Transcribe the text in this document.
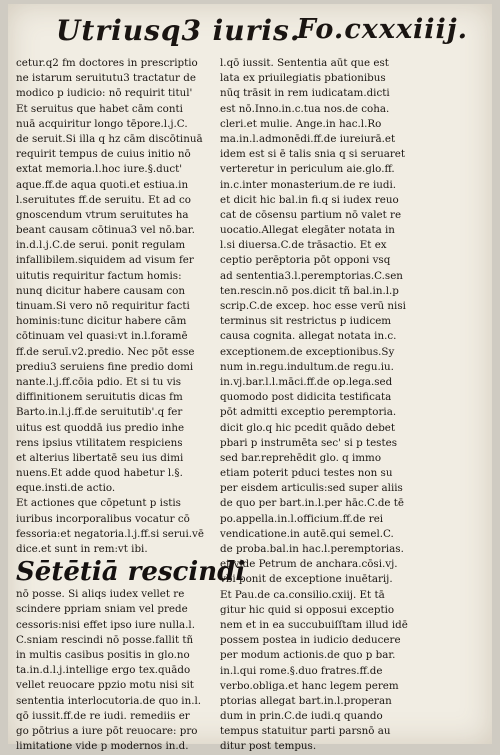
Utriusq3 iuris.
Fo.cxxxiiij.
cetur.q2 fm doctores in prescriptio
ne istarum seruitutu3 tractatur de
modico p iudicio: nō requirit titul'
Et seruitus que habet cām conti
nuā acquiritur longo tēpore.l.j.C.
de seruit.Si illa q hz cām discōtinuā
requirit tempus de cuius initio nō
extat memoria.l.hoc iure.§.duct'
aque.ff.de aqua quoti.et estiua.in
l.seruitutes ff.de seruitu. Et ad co
gnoscendum vtrum seruitutes ha
beant causam cōtinua3 vel nō.bar.
in.d.l.j.C.de serui. ponit regulam
infallibilem.siquidem ad visum fer
uitutis requiritur factum homis:
nunq dicitur habere causam con
tinuam.Si vero nō requiritur facti
hominis:tunc dicitur habere cām
cōtinuam vel quasi:vt in.l.foramē
ff.de seruī.v2.predio. Nec pōt esse
prediu3 seruiens fine predio domi
nante.l.j.ff.cōia pdio. Et si tu vis
diffinitionem seruitutis dicas fm
Barto.in.l.j.ff.de seruitutib'.q fer
uitus est quoddā ius predio inhe
rens ipsius vtilitatem respiciens
et alterius libertatē seu ius dimi
nuens.Et adde quod habetur l.§.
eque.insti.de actio.
Et actiones que cōpetunt p istis
iuribus incorporalibus vocatur cō
fessoria:et negatoria.l.j.ff.si serui.vē
dice.et sunt in rem:vt ibi.
Sētētiā rescindi
nō posse. Si aliqs iudex vellet re
scindere ppriam sniam vel prede
cessoris:nisi effet ipso iure nulla.l.
C.sniam rescindi nō posse.fallit tñ
in multis casibus positis in glo.no
ta.in.d.l.j.intellige ergo tex.quādo
vellet reuocare ppzio motu nisi sit
sententia interlocutoria.de quo in.l.
qō iussit.ff.de re iudi. remediis er
go pōtrius a iure pōt reuocare: pro
limitatione vide p modernos in.d.
l.qō iussit. Sententia aūt que est
lata ex priuilegiatis pbationibus
nūq trāsit in rem iudicatam.dicti
est nō.Inno.in.c.tua nos.de coha.
cleri.et mulie. Ange.in hac.l.Ro
ma.in.l.admonēdi.ff.de iureiurā.et
idem est si ē talis snia q si seruaret
verteretur in periculum aie.glo.ff.
in.c.inter monasterium.de re iudi.
et dicit hic bal.in fi.q si iudex reuo
cat de cōsensu partium nō valet re
uocatio.Allegat elegāter notata in
l.si diuersa.C.de trāsactio. Et ex
ceptio perēptoria pōt opponi vsq
ad sententia3.l.peremptorias.C.sen
ten.rescin.nō pos.dicit tñ bal.in.l.p
scrip.C.de excep. hoc esse verū nisi
terminus sit restrictus p iudicem
causa cognita. allegat notata in.c.
exceptionem.de exceptionibus.Sy
num in.regu.indultum.de regu.iu.
in.vj.bar.l.l.māci.ff.de op.lega.sed
quomodo post didicita testificata
pōt admitti exceptio peremptoria.
dicit glo.q hic pcedit quādo debet
pbari p instrumēta sec' si p testes
sed bar.reprehēdit glo. q immo
etiam poterit pduci testes non su
per eisdem articulis:sed super aliis
de quo per bart.in.l.per hāc.C.de tē
po.appella.in.l.officium.ff.de rei
vendicatione.in autē.qui semel.C.
de proba.bal.in hac.l.peremptorias.
et vide Petrum de anchara.cōsi.vj.
vbi ponit de exceptione inuētarij.
Et Pau.de ca.consilio.cxiij. Et tā
gitur hic quid si opposui exceptio
nem et in ea succubuiſſtam illud idē
possem postea in iudicio deducere
per modum actionis.de quo p bar.
in.l.qui rome.§.duo fratres.ff.de
verbo.obliga.et hanc legem perem
ptorias allegat bart.in.l.properan
dum in prin.C.de iudi.q quando
tempus statuitur parti parsnō au
ditur post tempus.
